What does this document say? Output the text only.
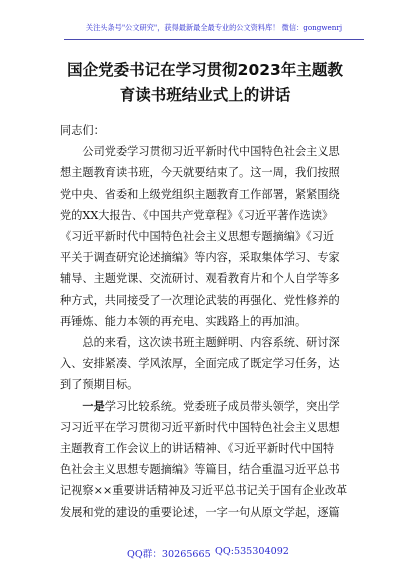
关注头条号"公文研究"，获得最新最全最专业的公文资料库！ 微信：gongwenrj
国企党委书记在学习贯彻2023年主题教
育读书班结业式上的讲话

同志们：

公司党委学习贯彻习近平新时代中国特色社会主义思
想主题教育读书班，今天就要结束了。这一周，我们按照
党中央、省委和上级党组织主题教育工作部署，紧紧围绕
党的XX大报告、《中国共产党章程》《习近平著作选读》
《习近平新时代中国特色社会主义思想专题摘编》《习近
平关于调查研究论述摘编》等内容，采取集体学习、专家
辅导、主题党课、交流研讨、观看教育片和个人自学等多
种方式，共同接受了一次理论武装的再强化、党性修养的
再锤炼、能力本领的再充电、实践路上的再加油。

总的来看，这次读书班主题鲜明、内容系统、研讨深
入、安排紧凑、学风浓厚，全面完成了既定学习任务，达
到了预期目标。

一是学习比较系统。党委班子成员带头领学，突出学
习习近平在学习贯彻习近平新时代中国特色社会主义思想
主题教育工作会议上的讲话精神、《习近平新时代中国特
色社会主义思想专题摘编》等篇目，结合重温习近平总书
记视察××重要讲话精神及习近平总书记关于国有企业改革
发展和党的建设的重要论述，一字一句从原文学起，逐篇

QQ群：30265665 QQ:535304092
